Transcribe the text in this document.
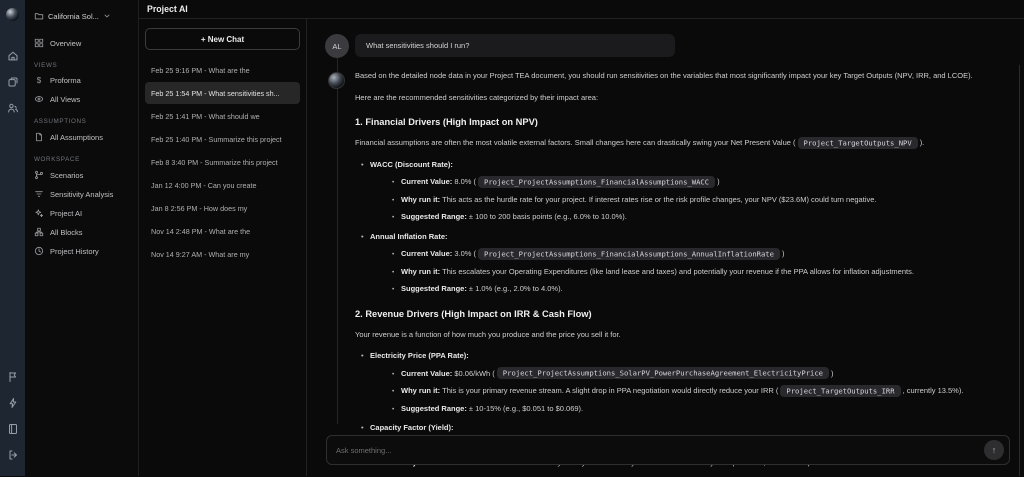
California Sol...
Overview
VIEWS
$	Proforma
All Views
ASSUMPTIONS
All Assumptions
WORKSPACE
Scenarios
Sensitivity Analysis
Project AI
All Blocks
Project History
Project AI
+ New Chat
Feb 25 9:16 PM - What are the
Feb 25 1:54 PM - What sensitivities sh...
Feb 25 1:41 PM - What should we
Feb 25 1:40 PM - Summarize this project
Feb 8 3:40 PM - Summarize this project
Jan 12 4:00 PM - Can you create
Jan 8 2:56 PM - How does my
Nov 14 2:48 PM - What are the
Nov 14 9:27 AM - What are my
AL	What sensitivities should I run?

Based on the detailed node data in your Project TEA document, you should run sensitivities on the variables that most significantly impact your key Target Outputs (NPV, IRR, and LCOE).

Here are the recommended sensitivities categorized by their impact area:

1. Financial Drivers (High Impact on NPV)

Financial assumptions are often the most volatile external factors. Small changes here can drastically swing your Net Present Value ( Project_TargetOutputs_NPV ).

• WACC (Discount Rate):
• Current Value: 8.0% ( Project_ProjectAssumptions_FinancialAssumptions_WACC )
• Why run it: This acts as the hurdle rate for your project. If interest rates rise or the risk profile changes, your NPV ($23.6M) could turn negative.
• Suggested Range: ± 100 to 200 basis points (e.g., 6.0% to 10.0%).
• Annual Inflation Rate:
• Current Value: 3.0% ( Project_ProjectAssumptions_FinancialAssumptions_AnnualInflationRate )
• Why run it: This escalates your Operating Expenditures (like land lease and taxes) and potentially your revenue if the PPA allows for inflation adjustments.
• Suggested Range: ± 1.0% (e.g., 2.0% to 4.0%).
2. Revenue Drivers (High Impact on IRR & Cash Flow)

Your revenue is a function of how much you produce and the price you sell it for.

• Electricity Price (PPA Rate):
• Current Value: $0.06/kWh ( Project_ProjectAssumptions_SolarPV_PowerPurchaseAgreement_ElectricityPrice )
• Why run it: This is your primary revenue stream. A slight drop in PPA negotiation would directly reduce your IRR ( Project_TargetOutputs_IRR , currently 13.5%).
• Suggested Range: ± 10-15% (e.g., $0.051 to $0.069).
• Capacity Factor (Yield):
•
•
Ask something...
↑
